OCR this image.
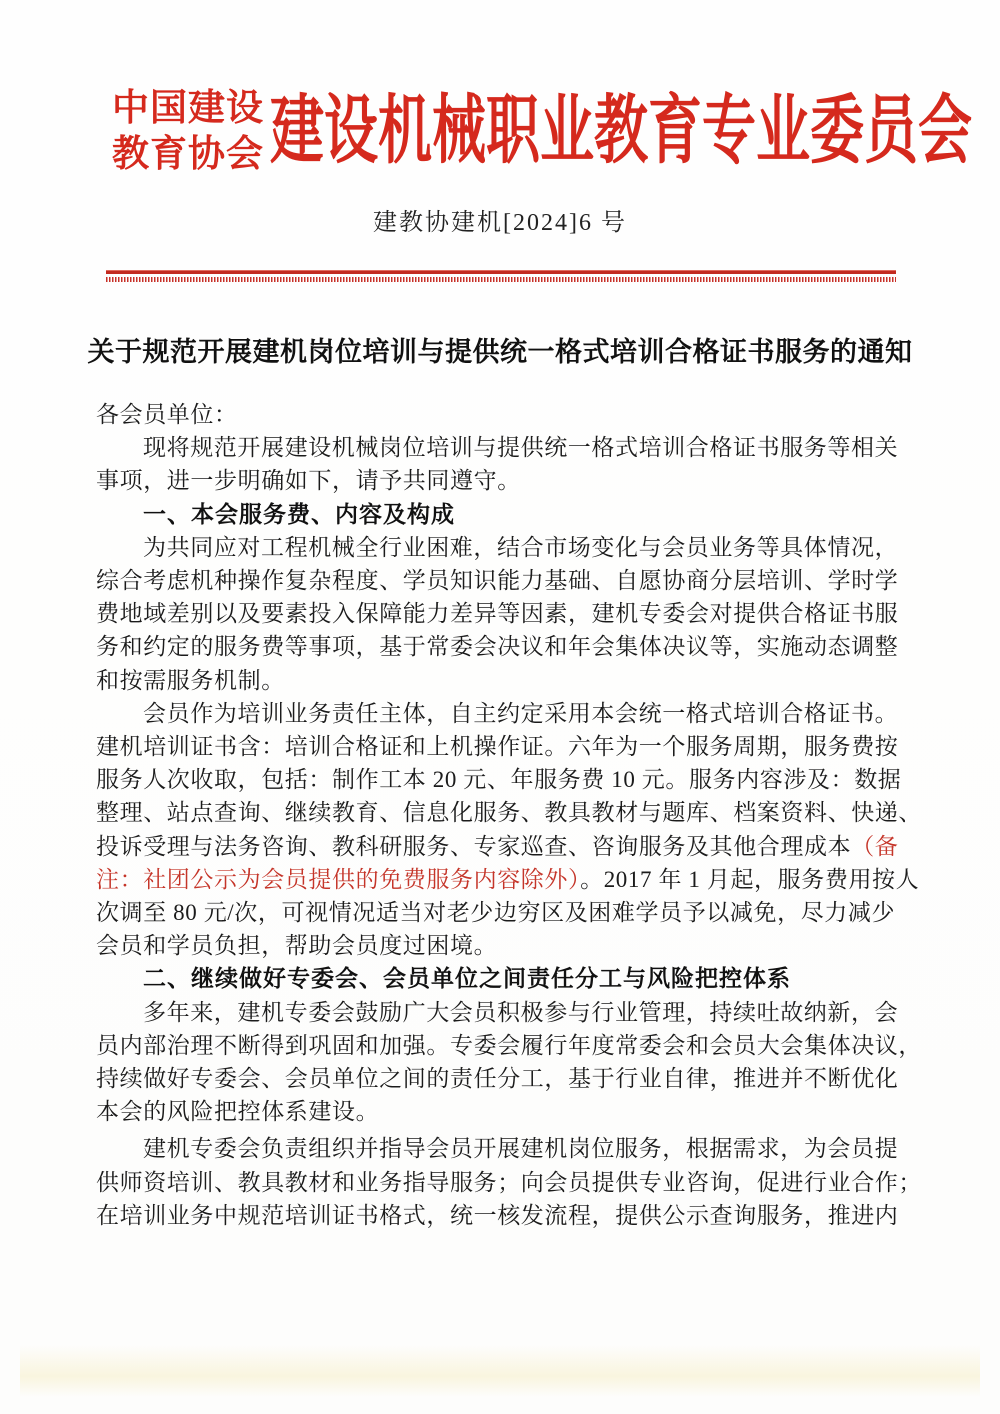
中国建设
教育协会 建设机械职业教育专业委员会
建教协建机[2024]6 号
关于规范开展建机岗位培训与提供统一格式培训合格证书服务的通知
各会员单位：
现将规范开展建设机械岗位培训与提供统一格式培训合格证书服务等相关
事项，进一步明确如下，请予共同遵守。
一、本会服务费、内容及构成
为共同应对工程机械全行业困难，结合市场变化与会员业务等具体情况，
综合考虑机种操作复杂程度、学员知识能力基础、自愿协商分层培训、学时学
费地域差别以及要素投入保障能力差异等因素，建机专委会对提供合格证书服
务和约定的服务费等事项，基于常委会决议和年会集体决议等，实施动态调整
和按需服务机制。
会员作为培训业务责任主体，自主约定采用本会统一格式培训合格证书。
建机培训证书含：培训合格证和上机操作证。六年为一个服务周期，服务费按
服务人次收取，包括：制作工本 20 元、年服务费 10 元。服务内容涉及：数据
整理、站点查询、继续教育、信息化服务、教具教材与题库、档案资料、快递、
投诉受理与法务咨询、教科研服务、专家巡查、咨询服务及其他合理成本（备
注：社团公示为会员提供的免费服务内容除外）。2017 年 1 月起，服务费用按人
次调至 80 元/次，可视情况适当对老少边穷区及困难学员予以减免，尽力减少
会员和学员负担，帮助会员度过困境。
二、继续做好专委会、会员单位之间责任分工与风险把控体系
多年来，建机专委会鼓励广大会员积极参与行业管理，持续吐故纳新，会
员内部治理不断得到巩固和加强。专委会履行年度常委会和会员大会集体决议，
持续做好专委会、会员单位之间的责任分工，基于行业自律，推进并不断优化
本会的风险把控体系建设。
建机专委会负责组织并指导会员开展建机岗位服务，根据需求，为会员提
供师资培训、教具教材和业务指导服务；向会员提供专业咨询，促进行业合作；
在培训业务中规范培训证书格式，统一核发流程，提供公示查询服务，推进内
